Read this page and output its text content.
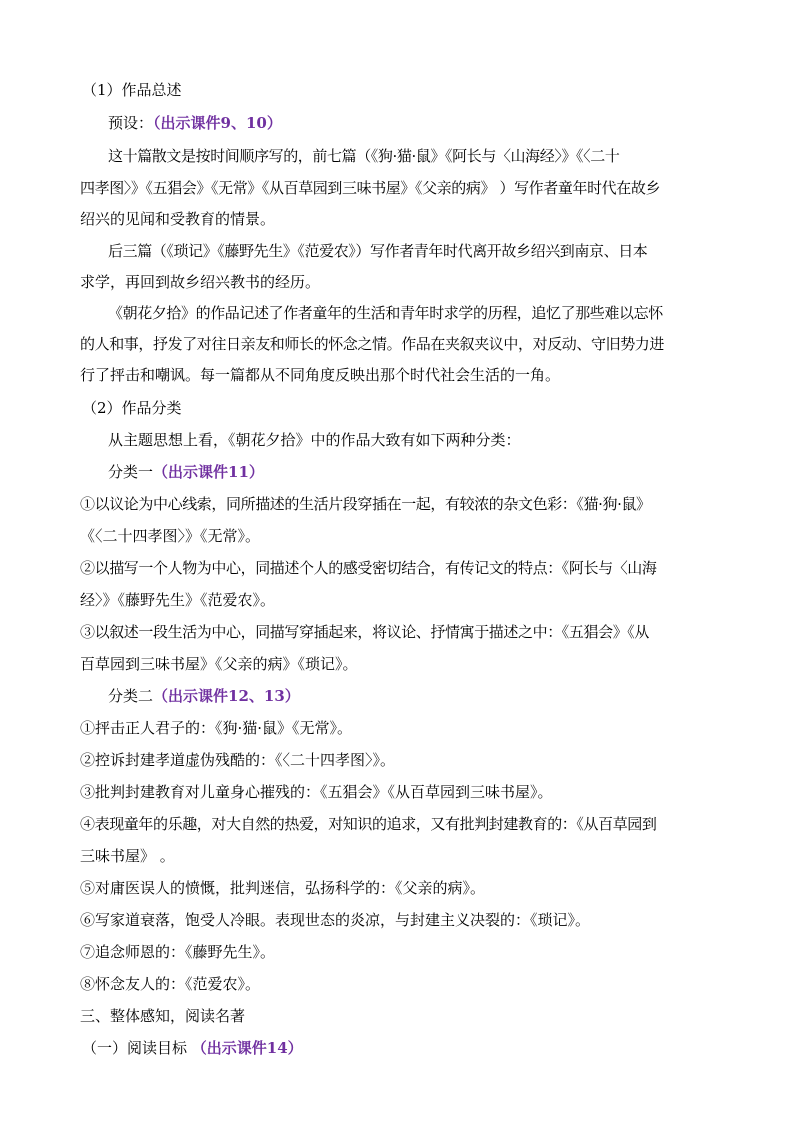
（1）作品总述
预设：（出示课件9、10）
这十篇散文是按时间顺序写的，前七篇（《狗·猫·鼠》《阿长与〈山海经〉》《〈二十
四孝图〉》《五猖会》《无常》《从百草园到三味书屋》《父亲的病》 ）写作者童年时代在故乡
绍兴的见闻和受教育的情景。
后三篇（《琐记》《藤野先生》《范爱农》）写作者青年时代离开故乡绍兴到南京、日本
求学，再回到故乡绍兴教书的经历。
《朝花夕拾》的作品记述了作者童年的生活和青年时求学的历程，追忆了那些难以忘怀
的人和事，抒发了对往日亲友和师长的怀念之情。作品在夹叙夹议中，对反动、守旧势力进
行了抨击和嘲讽。每一篇都从不同角度反映出那个时代社会生活的一角。
（2）作品分类
从主题思想上看，《朝花夕拾》中的作品大致有如下两种分类：
分类一（出示课件11）
①以议论为中心线索，同所描述的生活片段穿插在一起，有较浓的杂文色彩：《猫·狗·鼠》
《〈二十四孝图〉》《无常》。
②以描写一个人物为中心，同描述个人的感受密切结合，有传记文的特点：《阿长与〈山海
经〉》《藤野先生》《范爱农》。
③以叙述一段生活为中心，同描写穿插起来，将议论、抒情寓于描述之中：《五猖会》《从
百草园到三味书屋》《父亲的病》《琐记》。
分类二（出示课件12、13）
①抨击正人君子的：《狗·猫·鼠》《无常》。
②控诉封建孝道虚伪残酷的：《〈二十四孝图〉》。
③批判封建教育对儿童身心摧残的：《五猖会》《从百草园到三味书屋》。
④表现童年的乐趣，对大自然的热爱，对知识的追求，又有批判封建教育的：《从百草园到
三味书屋》 。
⑤对庸医误人的愤慨，批判迷信，弘扬科学的：《父亲的病》。
⑥写家道衰落，饱受人冷眼。表现世态的炎凉，与封建主义决裂的：《琐记》。
⑦追念师恩的：《藤野先生》。
⑧怀念友人的：《范爱农》。
三、整体感知，阅读名著
（一）阅读目标 （出示课件14）
